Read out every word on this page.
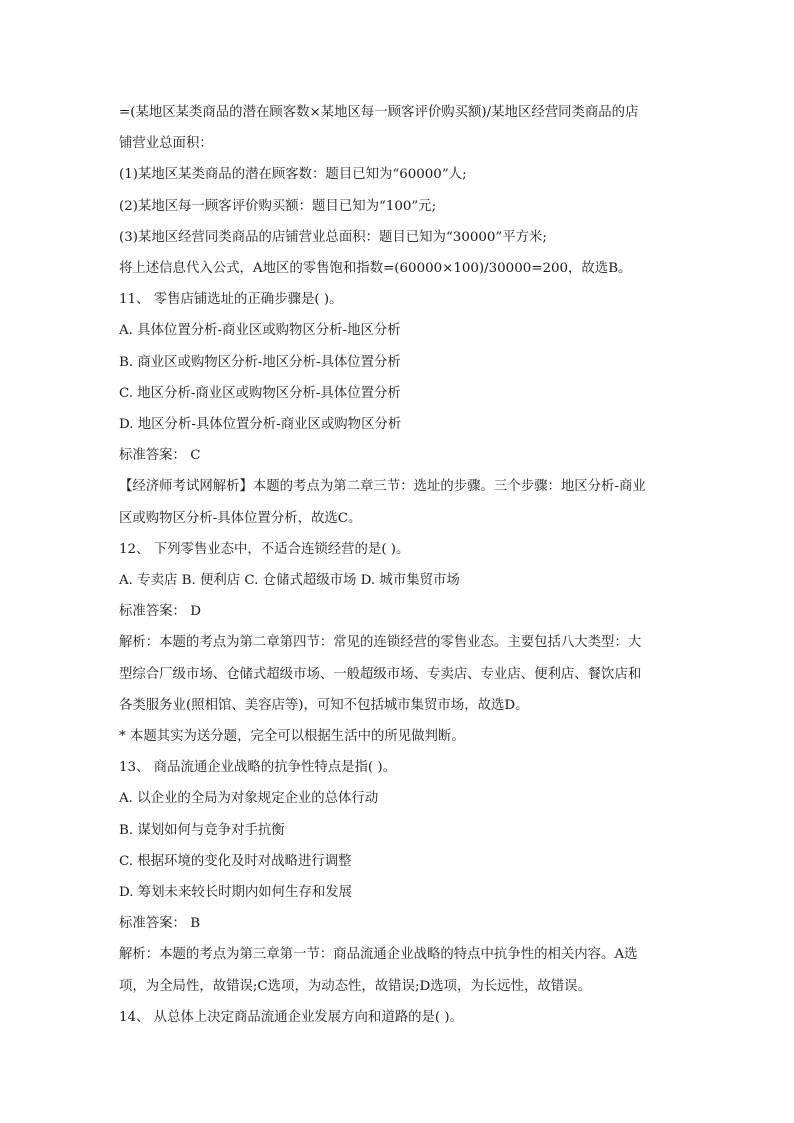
=(某地区某类商品的潜在顾客数×某地区每一顾客评价购买额)/某地区经营同类商品的店

铺营业总面积：

(1)某地区某类商品的潜在顾客数：题目已知为“60000”人;

(2)某地区每一顾客评价购买额：题目已知为“100”元;

(3)某地区经营同类商品的店铺营业总面积：题目已知为“30000”平方米;

将上述信息代入公式，A地区的零售饱和指数=(60000×100)/30000=200，故选B。

11、 零售店铺选址的正确步骤是( )。

A. 具体位置分析-商业区或购物区分析-地区分析

B. 商业区或购物区分析-地区分析-具体位置分析

C. 地区分析-商业区或购物区分析-具体位置分析

D. 地区分析-具体位置分析-商业区或购物区分析

标准答案： C

【经济师考试网解析】本题的考点为第二章三节：选址的步骤。三个步骤：地区分析-商业

区或购物区分析-具体位置分析，故选C。

12、 下列零售业态中，不适合连锁经营的是( )。

A. 专卖店 B. 便利店 C. 仓储式超级市场 D. 城市集贸市场

标准答案： D

解析：本题的考点为第二章第四节：常见的连锁经营的零售业态。主要包括八大类型：大

型综合厂级市场、仓储式超级市场、一般超级市场、专卖店、专业店、便利店、餐饮店和

各类服务业(照相馆、美容店等)，可知不包括城市集贸市场，故选D。

* 本题其实为送分题，完全可以根据生活中的所见做判断。

13、 商品流通企业战略的抗争性特点是指( )。

A. 以企业的全局为对象规定企业的总体行动

B. 谋划如何与竞争对手抗衡

C. 根据环境的变化及时对战略进行调整

D. 筹划未来较长时期内如何生存和发展

标准答案： B

解析：本题的考点为第三章第一节：商品流通企业战略的特点中抗争性的相关内容。A选

项，为全局性，故错误;C选项，为动态性，故错误;D选项，为长远性，故错误。

14、 从总体上决定商品流通企业发展方向和道路的是( )。
